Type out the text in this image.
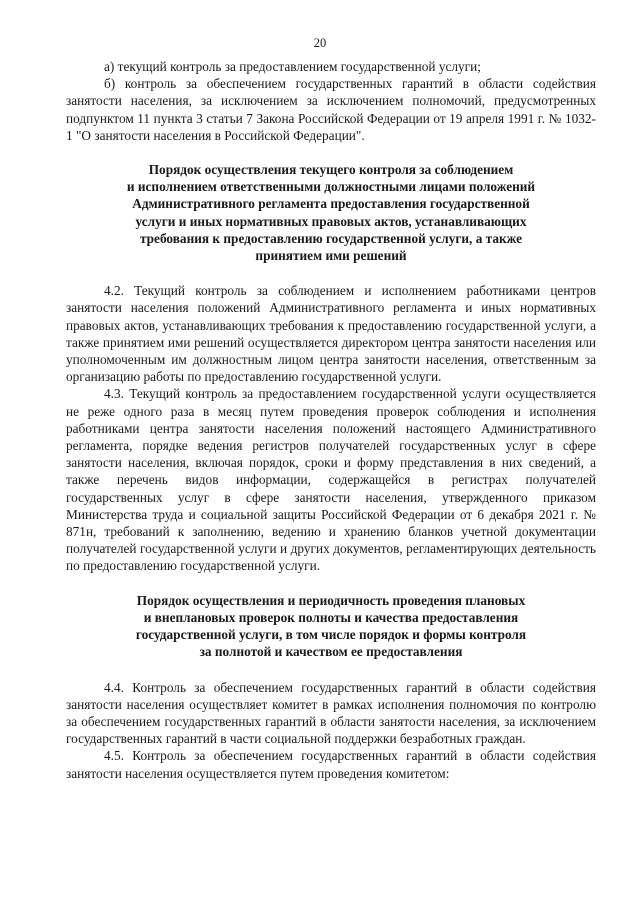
20

а) текущий контроль за предоставлением государственной услуги;

б) контроль за обеспечением государственных гарантий в области содействия занятости населения, за исключением за исключением полномочий, предусмотренных подпунктом 11 пункта 3 статьи 7 Закона Российской Федерации от 19 апреля 1991 г. № 1032-1 "О занятости населения в Российской Федерации".

Порядок осуществления текущего контроля за соблюдением
и исполнением ответственными должностными лицами положений
Административного регламента предоставления государственной
услуги и иных нормативных правовых актов, устанавливающих
требования к предоставлению государственной услуги, а также
принятием ими решений

4.2. Текущий контроль за соблюдением и исполнением работниками центров занятости населения положений Административного регламента и иных нормативных правовых актов, устанавливающих требования к предоставлению государственной услуги, а также принятием ими решений осуществляется директором центра занятости населения или уполномоченным им должностным лицом центра занятости населения, ответственным за организацию работы по предоставлению государственной услуги.

4.3. Текущий контроль за предоставлением государственной услуги осуществляется не реже одного раза в месяц путем проведения проверок соблюдения и исполнения работниками центра занятости населения положений настоящего Административного регламента, порядке ведения регистров получателей государственных услуг в сфере занятости населения, включая порядок, сроки и форму представления в них сведений, а также перечень видов информации, содержащейся в регистрах получателей государственных услуг в сфере занятости населения, утвержденного приказом Министерства труда и социальной защиты Российской Федерации от 6 декабря 2021 г. № 871н, требований к заполнению, ведению и хранению бланков учетной документации получателей государственной услуги и других документов, регламентирующих деятельность по предоставлению государственной услуги.

Порядок осуществления и периодичность проведения плановых
и внеплановых проверок полноты и качества предоставления
государственной услуги, в том числе порядок и формы контроля
за полнотой и качеством ее предоставления

4.4. Контроль за обеспечением государственных гарантий в области содействия занятости населения осуществляет комитет в рамках исполнения полномочия по контролю за обеспечением государственных гарантий в области занятости населения, за исключением государственных гарантий в части социальной поддержки безработных граждан.

4.5. Контроль за обеспечением государственных гарантий в области содействия занятости населения осуществляется путем проведения комитетом:
